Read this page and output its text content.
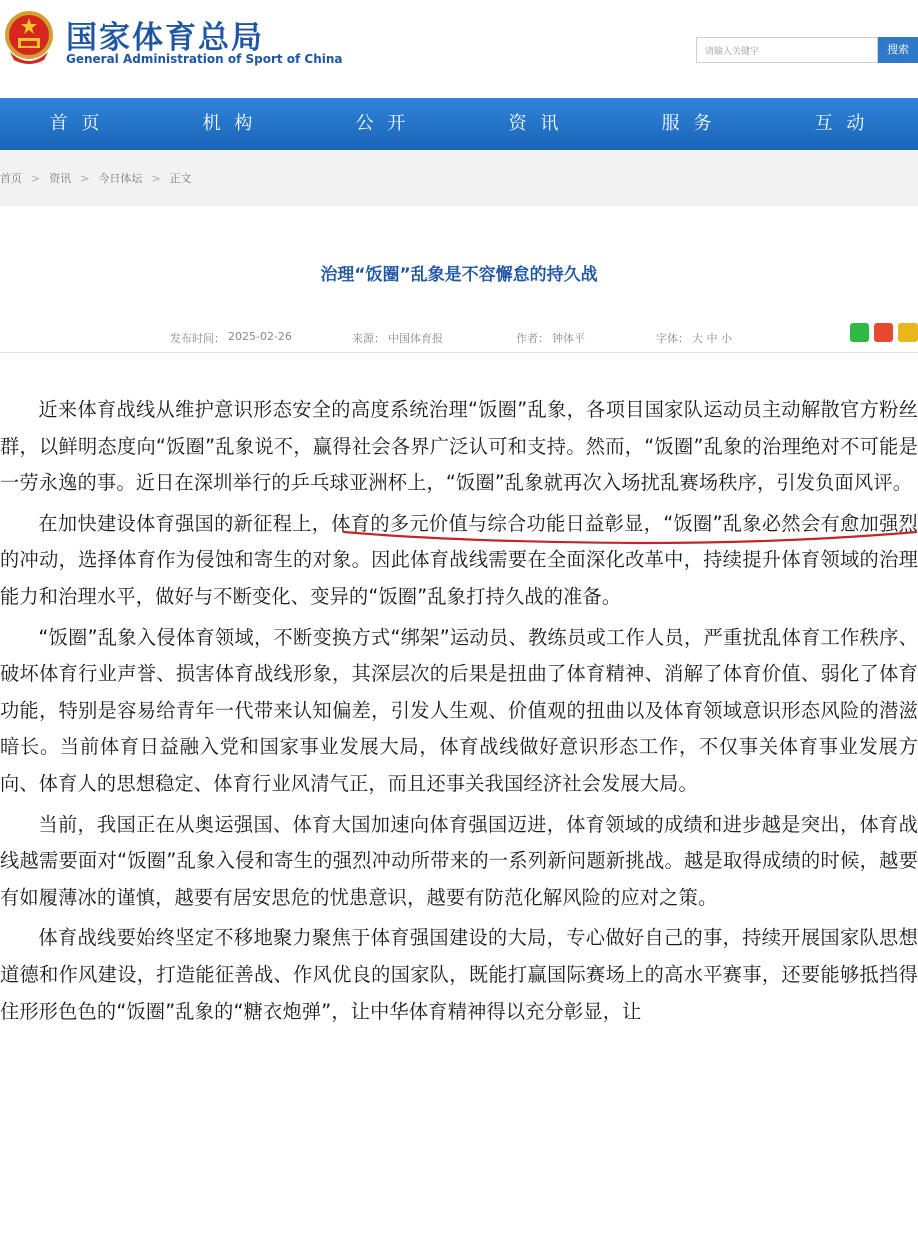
国家体育总局
General Administration of Sport of China	请输入关键字	搜索
首 页	机 构	公 开	资 讯	服 务	互 动
首页 > 资讯 > 今日体坛 > 正文
治理“饭圈”乱象是不容懈怠的持久战
发布时间： 2025-02-26	来源： 中国体育报	作者： 钟体平	字体： 大 中 小

近来体育战线从维护意识形态安全的高度系统治理“饭圈”乱象，各项目国家队运动员主动解散官方粉丝群，以鲜明态度向“饭圈”乱象说不，赢得社会各界广泛认可和支持。然而，“饭圈”乱象的治理绝对不可能是一劳永逸的事。近日在深圳举行的乒乓球亚洲杯上，“饭圈”乱象就再次入场扰乱赛场秩序，引发负面风评。

在加快建设体育强国的新征程上，体育的多元价值与综合功能日益彰显，“饭圈”乱象必然会有愈加强烈的冲动，选择体育作为侵蚀和寄生的对象。因此体育战线需要在全面深化改革中，持续提升体育领域的治理能力和治理水平，做好与不断变化、变异的“饭圈”乱象打持久战的准备。

“饭圈”乱象入侵体育领域，不断变换方式“绑架”运动员、教练员或工作人员，严重扰乱体育工作秩序、破坏体育行业声誉、损害体育战线形象，其深层次的后果是扭曲了体育精神、消解了体育价值、弱化了体育功能，特别是容易给青年一代带来认知偏差，引发人生观、价值观的扭曲以及体育领域意识形态风险的潜滋暗长。当前体育日益融入党和国家事业发展大局，体育战线做好意识形态工作，不仅事关体育事业发展方向、体育人的思想稳定、体育行业风清气正，而且还事关我国经济社会发展大局。

当前，我国正在从奥运强国、体育大国加速向体育强国迈进，体育领域的成绩和进步越是突出，体育战线越需要面对“饭圈”乱象入侵和寄生的强烈冲动所带来的一系列新问题新挑战。越是取得成绩的时候，越要有如履薄冰的谨慎，越要有居安思危的忧患意识，越要有防范化解风险的应对之策。

体育战线要始终坚定不移地聚力聚焦于体育强国建设的大局，专心做好自己的事，持续开展国家队思想道德和作风建设，打造能征善战、作风优良的国家队，既能打赢国际赛场上的高水平赛事，还要能够抵挡得住形形色色的“饭圈”乱象的“糖衣炮弹”，让中华体育精神得以充分彰显，让
